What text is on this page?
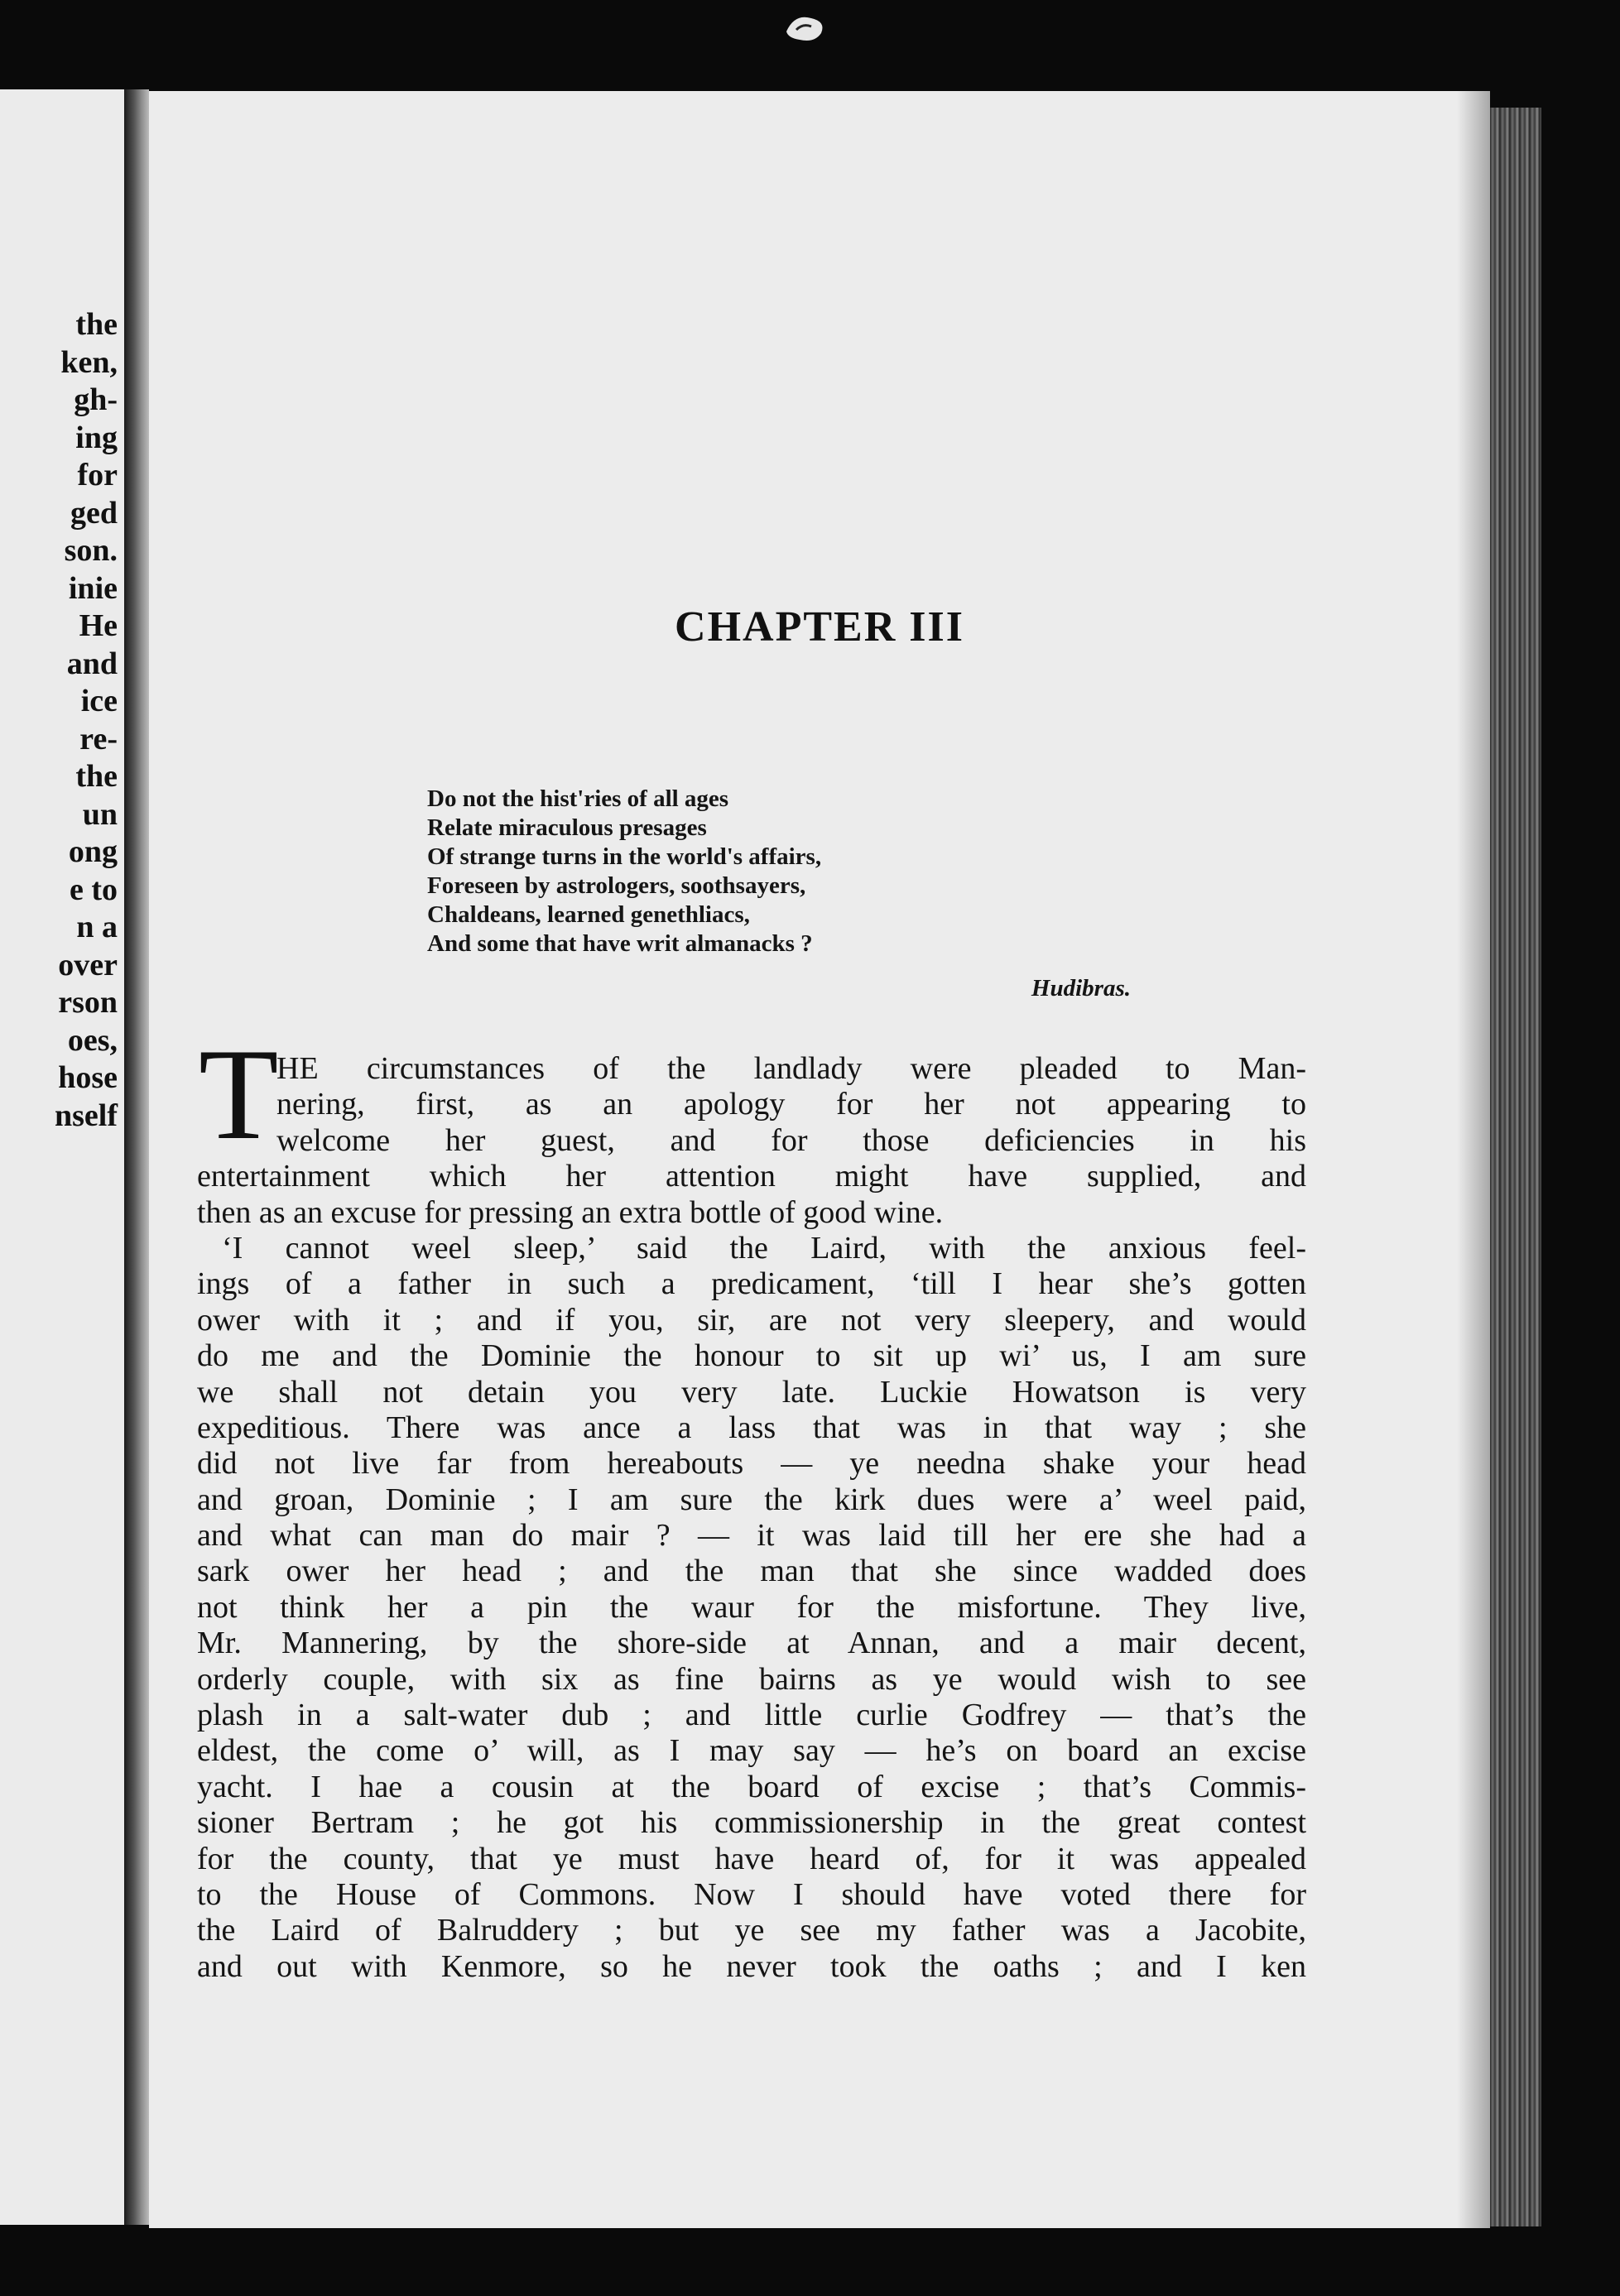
the
ken,
gh-
ing
for
ged
son.
inie
He
and
ice
re-
the
un
ong
e to
n a
over
rson
oes,
hose
nself
CHAPTER III
Do not the hist'ries of all ages
Relate miraculous presages
Of strange turns in the world's affairs,
Foreseen by astrologers, soothsayers,
Chaldeans, learned genethliacs,
And some that have writ almanacks ?
Hudibras.
T
HE circumstances of the landlady were pleaded to Man-
nering, first, as an apology for her not appearing to
welcome her guest, and for those deficiencies in his
entertainment which her attention might have supplied, and
then as an excuse for pressing an extra bottle of good wine.
‘I cannot weel sleep,’ said the Laird, with the anxious feel-
ings of a father in such a predicament, ‘till I hear she’s gotten
ower with it ; and if you, sir, are not very sleepery, and would
do me and the Dominie the honour to sit up wi’ us, I am sure
we shall not detain you very late. Luckie Howatson is very
expeditious. There was ance a lass that was in that way ; she
did not live far from hereabouts — ye needna shake your head
and groan, Dominie ; I am sure the kirk dues were a’ weel paid,
and what can man do mair ? — it was laid till her ere she had a
sark ower her head ; and the man that she since wadded does
not think her a pin the waur for the misfortune. They live,
Mr. Mannering, by the shore-side at Annan, and a mair decent,
orderly couple, with six as fine bairns as ye would wish to see
plash in a salt-water dub ; and little curlie Godfrey — that’s the
eldest, the come o’ will, as I may say — he’s on board an excise
yacht. I hae a cousin at the board of excise ; that’s Commis-
sioner Bertram ; he got his commissionership in the great contest
for the county, that ye must have heard of, for it was appealed
to the House of Commons. Now I should have voted there for
the Laird of Balruddery ; but ye see my father was a Jacobite,
and out with Kenmore, so he never took the oaths ; and I ken
